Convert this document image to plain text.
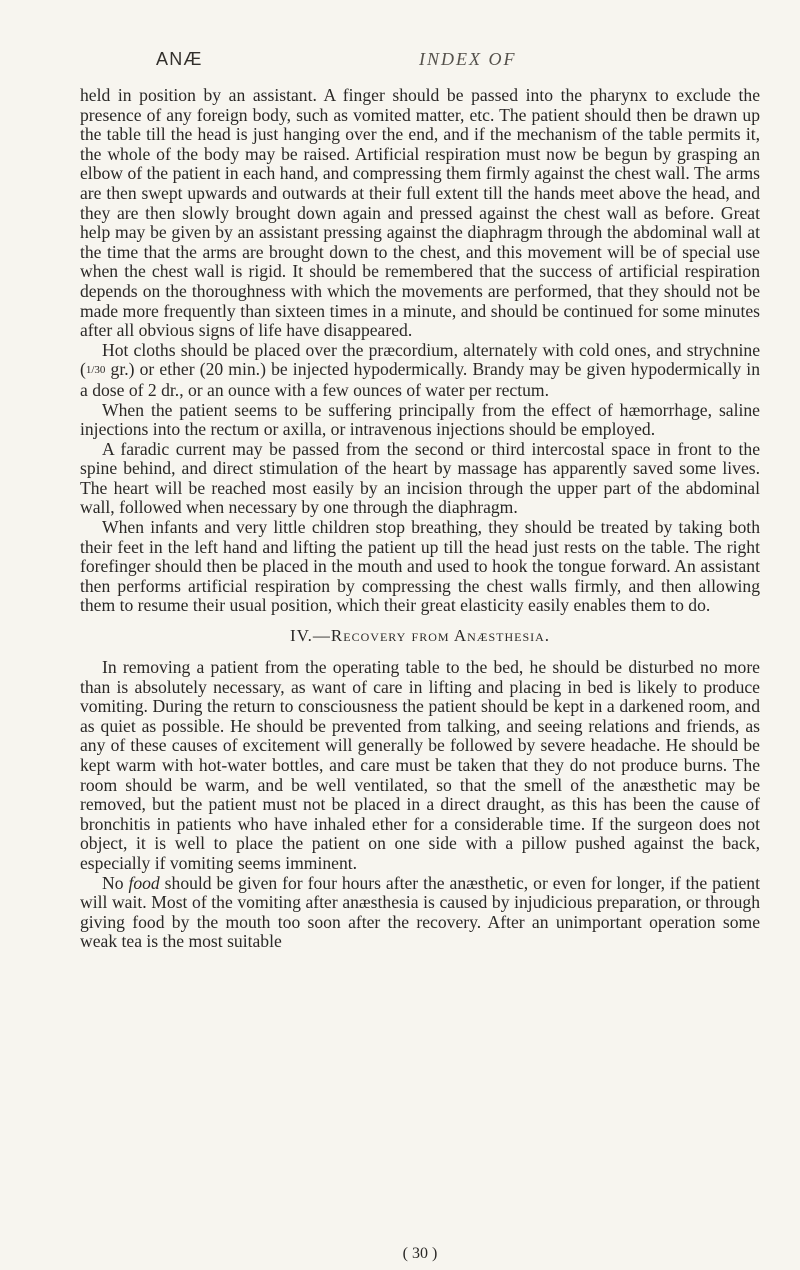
ANÆ	INDEX OF

held in position by an assistant. A finger should be passed into the pharynx to exclude the presence of any foreign body, such as vomited matter, etc. The patient should then be drawn up the table till the head is just hanging over the end, and if the mechanism of the table permits it, the whole of the body may be raised. Artificial respiration must now be begun by grasping an elbow of the patient in each hand, and compressing them firmly against the chest wall. The arms are then swept upwards and outwards at their full extent till the hands meet above the head, and they are then slowly brought down again and pressed against the chest wall as before. Great help may be given by an assistant pressing against the diaphragm through the abdominal wall at the time that the arms are brought down to the chest, and this movement will be of special use when the chest wall is rigid. It should be remembered that the success of artificial respiration depends on the thoroughness with which the movements are performed, that they should not be made more frequently than sixteen times in a minute, and should be continued for some minutes after all obvious signs of life have disappeared.

Hot cloths should be placed over the præcordium, alternately with cold ones, and strychnine (1/30 gr.) or ether (20 min.) be injected hypodermically. Brandy may be given hypodermically in a dose of 2 dr., or an ounce with a few ounces of water per rectum.

When the patient seems to be suffering principally from the effect of hæmorrhage, saline injections into the rectum or axilla, or intravenous injections should be employed.

A faradic current may be passed from the second or third intercostal space in front to the spine behind, and direct stimulation of the heart by massage has apparently saved some lives. The heart will be reached most easily by an incision through the upper part of the abdominal wall, followed when necessary by one through the diaphragm.

When infants and very little children stop breathing, they should be treated by taking both their feet in the left hand and lifting the patient up till the head just rests on the table. The right forefinger should then be placed in the mouth and used to hook the tongue forward. An assistant then performs artificial respiration by compressing the chest walls firmly, and then allowing them to resume their usual position, which their great elasticity easily enables them to do.

IV.—Recovery from Anæsthesia.

In removing a patient from the operating table to the bed, he should be disturbed no more than is absolutely necessary, as want of care in lifting and placing in bed is likely to produce vomiting. During the return to consciousness the patient should be kept in a darkened room, and as quiet as possible. He should be prevented from talking, and seeing relations and friends, as any of these causes of excitement will generally be followed by severe headache. He should be kept warm with hot-water bottles, and care must be taken that they do not produce burns. The room should be warm, and be well ventilated, so that the smell of the anæsthetic may be removed, but the patient must not be placed in a direct draught, as this has been the cause of bronchitis in patients who have inhaled ether for a considerable time. If the surgeon does not object, it is well to place the patient on one side with a pillow pushed against the back, especially if vomiting seems imminent.

No food should be given for four hours after the anæsthetic, or even for longer, if the patient will wait. Most of the vomiting after anæsthesia is caused by injudicious preparation, or through giving food by the mouth too soon after the recovery. After an unimportant operation some weak tea is the most suitable

( 30 )
